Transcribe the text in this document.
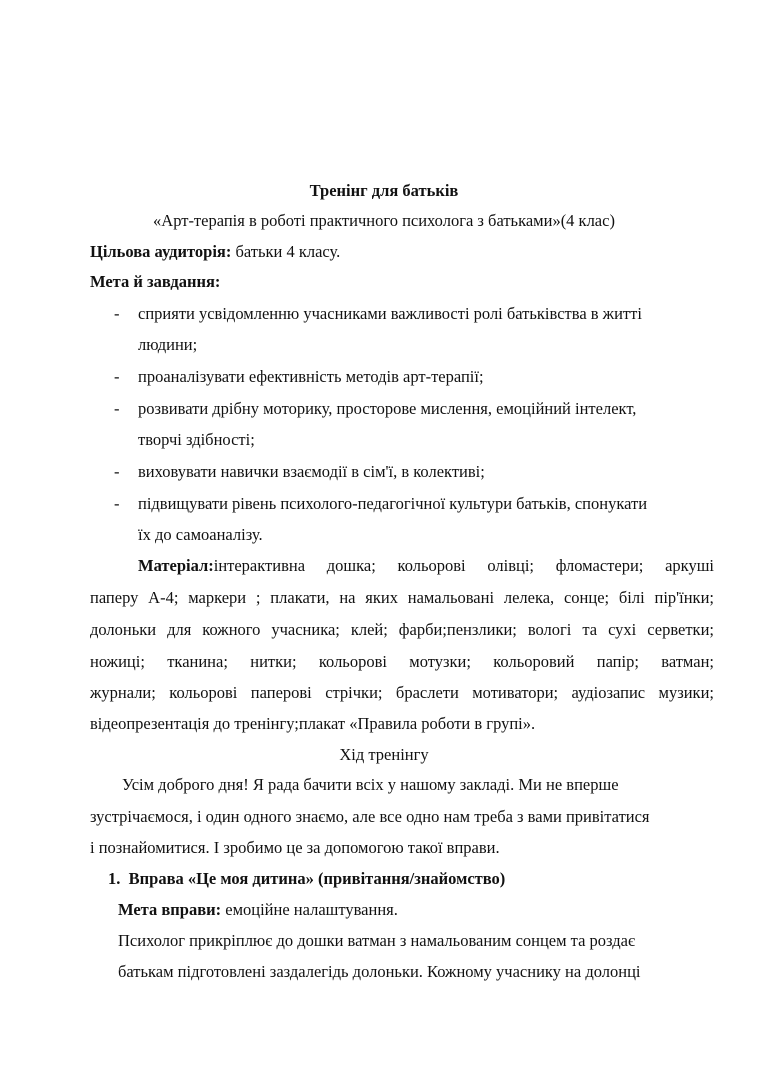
Тренінг для батьків
«Арт-терапія в роботі практичного психолога з батьками»(4 клас)
Цільова аудиторія: батьки 4 класу.
Мета й завдання:
- сприяти усвідомленню учасниками важливості ролі батьківства в житті
людини;
- проаналізувати ефективність методів арт-терапії;
- розвивати дрібну моторику, просторове мислення, емоційний інтелект,
творчі здібності;
- виховувати навички взаємодії в сім'ї, в колективі;
- підвищувати рівень психолого-педагогічної культури батьків, спонукати
їх до самоаналізу.
Матеріал: інтерактивна дошка; кольорові олівці; фломастери; аркуші
паперу А-4; маркери ; плакати, на яких намальовані лелека, сонце; білі пір'їнки;
долоньки для кожного учасника; клей; фарби;пензлики; вологі та сухі серветки;
ножиці; тканина; нитки; кольорові мотузки; кольоровий папір; ватман;
журнали; кольорові паперові стрічки; браслети мотиватори; аудіозапис музики;
відеопрезентація до тренінгу;плакат «Правила роботи в групі».
Хід тренінгу
Усім доброго дня! Я рада бачити всіх у нашому закладі. Ми не вперше
зустрічаємося, і один одного знаємо, але все одно нам треба з вами привітатися
і познайомитися. І зробимо це за допомогою такої вправи.
1. Вправа «Це моя дитина» (привітання/знайомство)
Мета вправи: емоційне налаштування.
Психолог прикріплює до дошки ватман з намальованим сонцем та роздає
батькам підготовлені заздалегідь долоньки. Кожному учаснику на долонці
